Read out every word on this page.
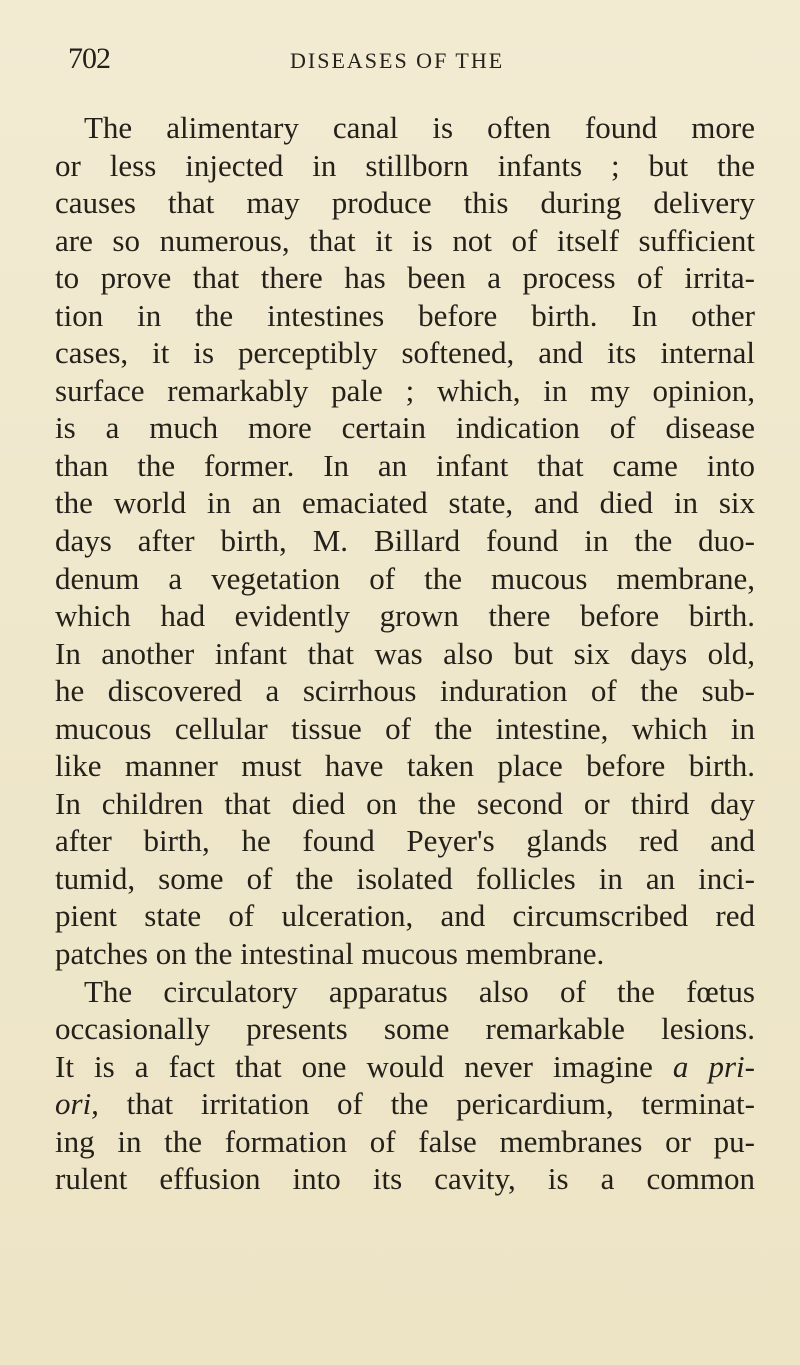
702	DISEASES OF THE
The alimentary canal is often found more
or less injected in stillborn infants ; but the
causes that may produce this during delivery
are so numerous, that it is not of itself sufficient
to prove that there has been a process of irrita-
tion in the intestines before birth. In other
cases, it is perceptibly softened, and its internal
surface remarkably pale ; which, in my opinion,
is a much more certain indication of disease
than the former. In an infant that came into
the world in an emaciated state, and died in six
days after birth, M. Billard found in the duo-
denum a vegetation of the mucous membrane,
which had evidently grown there before birth.
In another infant that was also but six days old,
he discovered a scirrhous induration of the sub-
mucous cellular tissue of the intestine, which in
like manner must have taken place before birth.
In children that died on the second or third day
after birth, he found Peyer's glands red and
tumid, some of the isolated follicles in an inci-
pient state of ulceration, and circumscribed red
patches on the intestinal mucous membrane.
The circulatory apparatus also of the fœtus
occasionally presents some remarkable lesions.
It is a fact that one would never imagine a pri-
ori, that irritation of the pericardium, terminat-
ing in the formation of false membranes or pu-
rulent effusion into its cavity, is a common
